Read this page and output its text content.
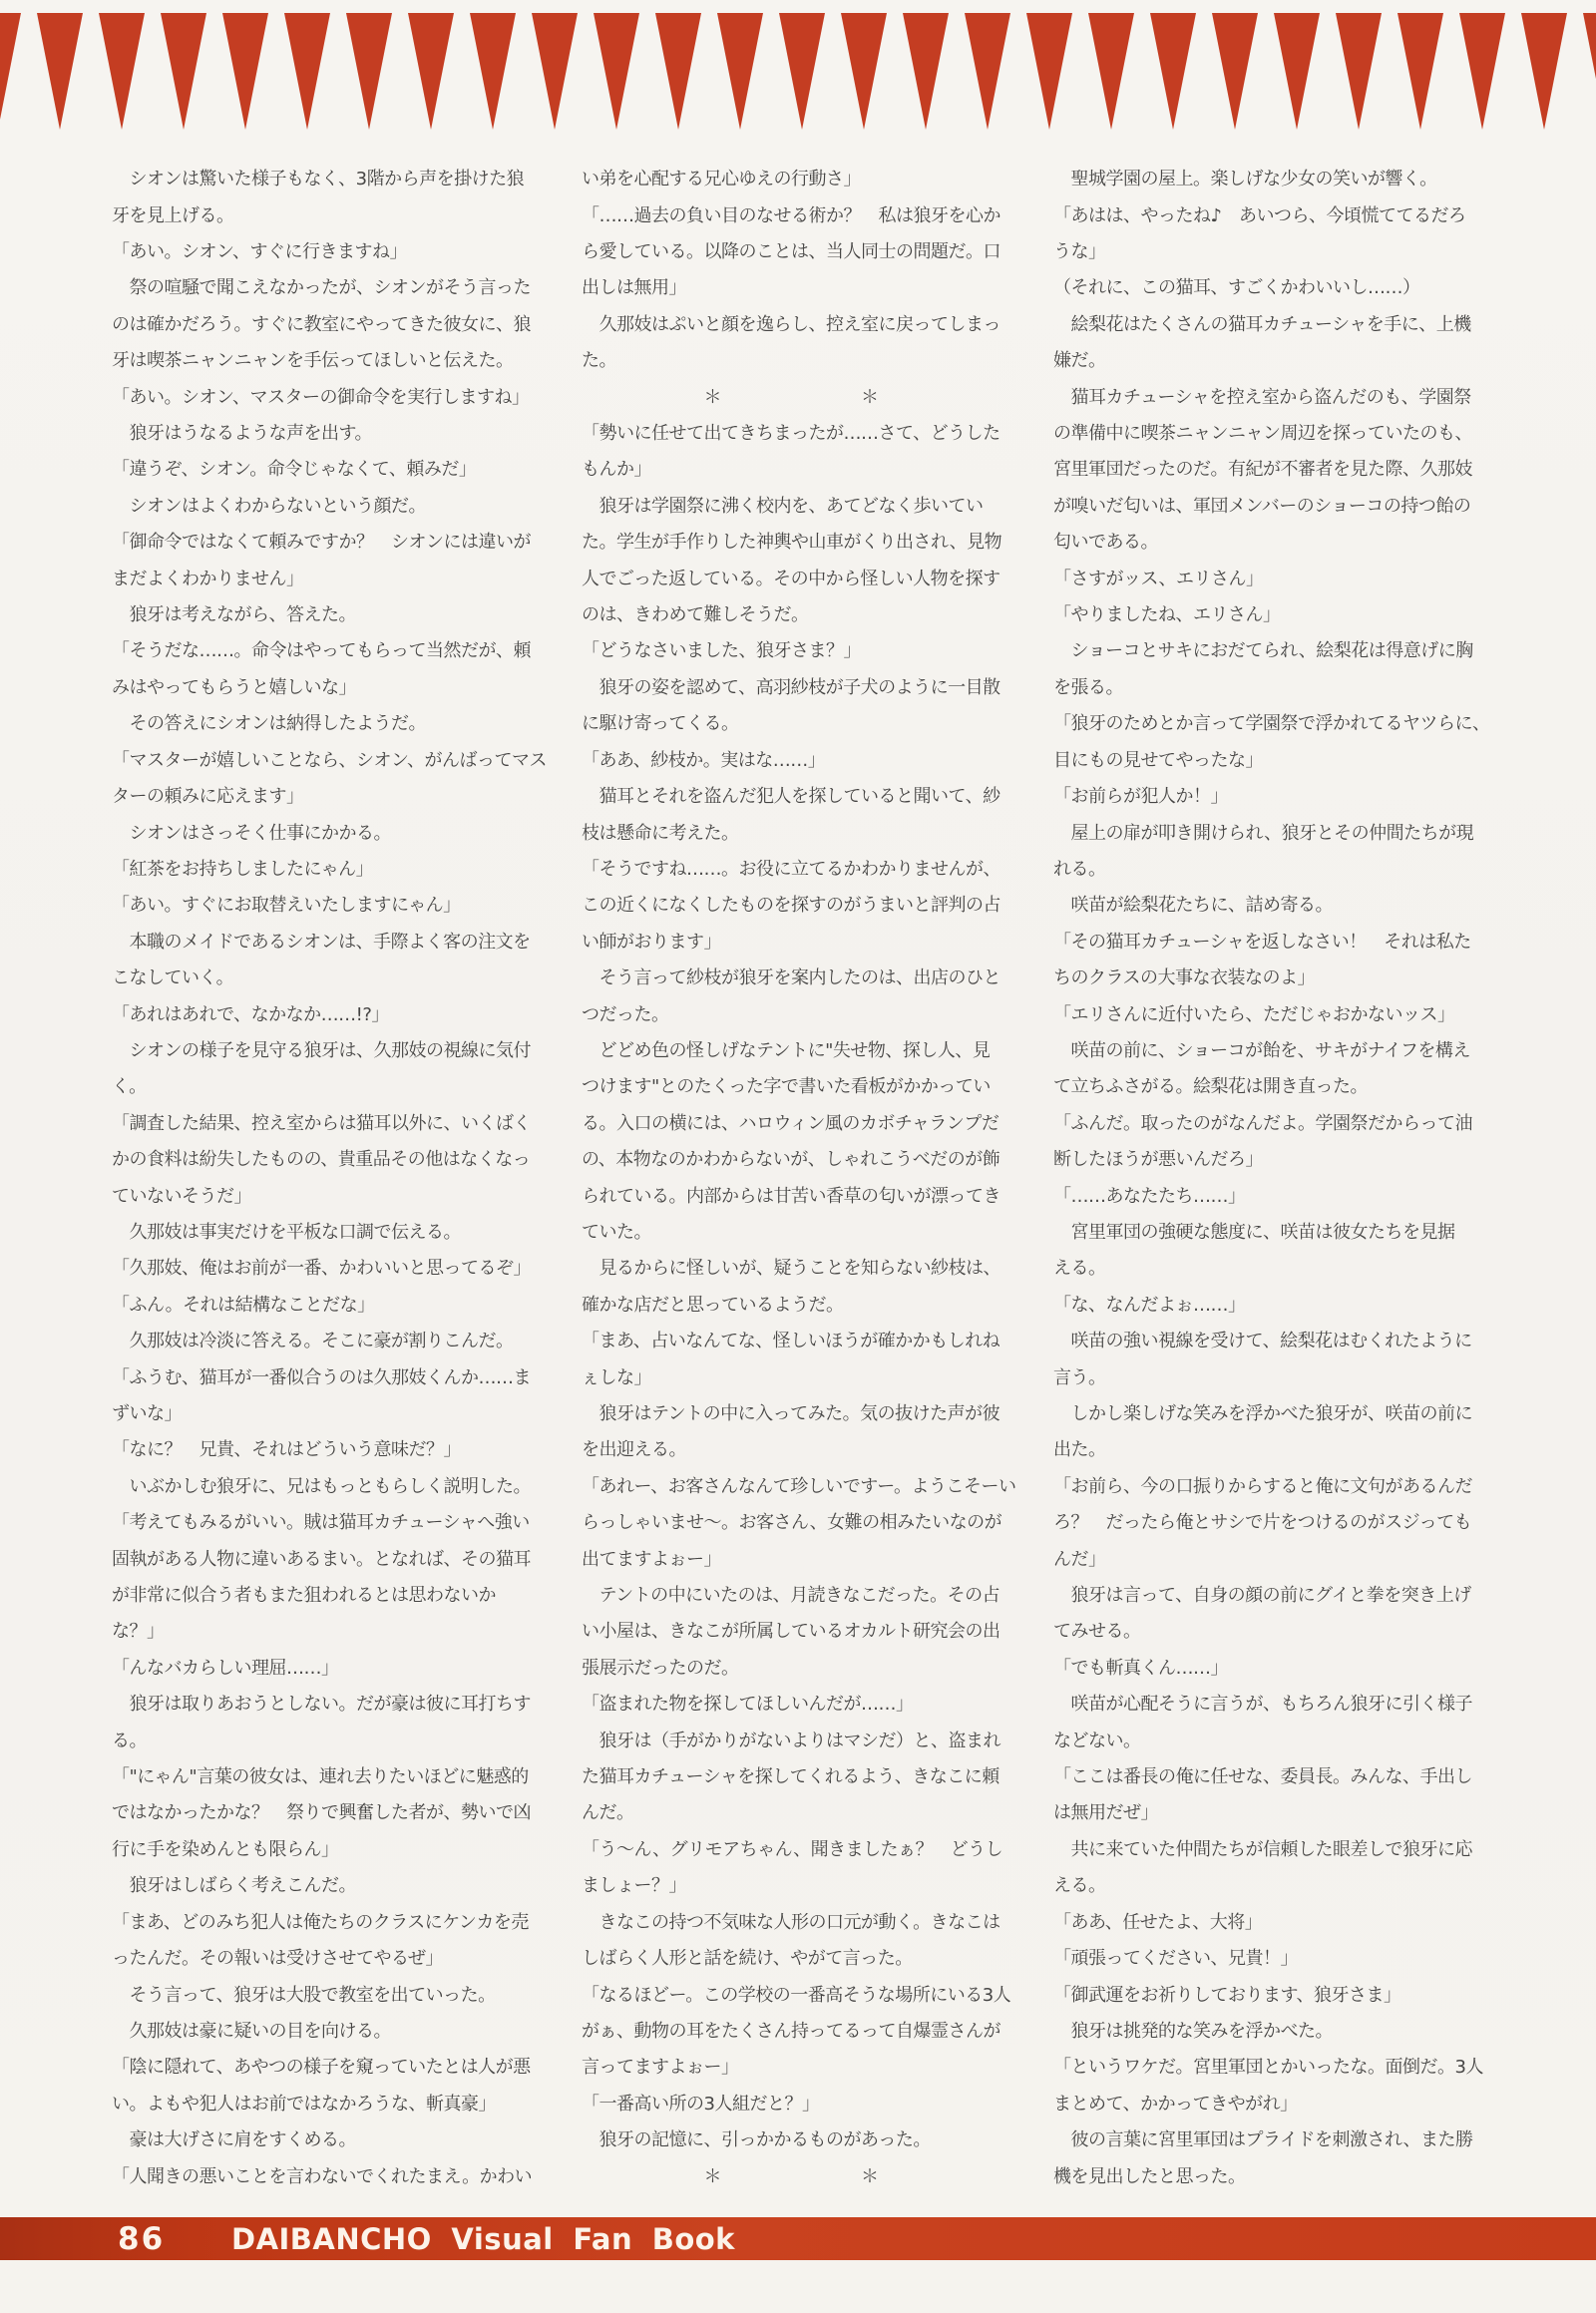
　シオンは驚いた様子もなく、3階から声を掛けた狼
牙を見上げる。
「あい。シオン、すぐに行きますね」
　祭の喧騒で聞こえなかったが、シオンがそう言った
のは確かだろう。すぐに教室にやってきた彼女に、狼
牙は喫茶ニャンニャンを手伝ってほしいと伝えた。
「あい。シオン、マスターの御命令を実行しますね」
　狼牙はうなるような声を出す。
「違うぞ、シオン。命令じゃなくて、頼みだ」
　シオンはよくわからないという顔だ。
「御命令ではなくて頼みですか？　シオンには違いが
まだよくわかりません」
　狼牙は考えながら、答えた。
「そうだな……。命令はやってもらって当然だが、頼
みはやってもらうと嬉しいな」
　その答えにシオンは納得したようだ。
「マスターが嬉しいことなら、シオン、がんばってマス
ターの頼みに応えます」
　シオンはさっそく仕事にかかる。
「紅茶をお持ちしましたにゃん」
「あい。すぐにお取替えいたしますにゃん」
　本職のメイドであるシオンは、手際よく客の注文を
こなしていく。
「あれはあれで、なかなか……!?」
　シオンの様子を見守る狼牙は、久那妓の視線に気付
く。
「調査した結果、控え室からは猫耳以外に、いくばく
かの食料は紛失したものの、貴重品その他はなくなっ
ていないそうだ」
　久那妓は事実だけを平板な口調で伝える。
「久那妓、俺はお前が一番、かわいいと思ってるぞ」
「ふん。それは結構なことだな」
　久那妓は冷淡に答える。そこに豪が割りこんだ。
「ふうむ、猫耳が一番似合うのは久那妓くんか……ま
ずいな」
「なに？　兄貴、それはどういう意味だ？」
　いぶかしむ狼牙に、兄はもっともらしく説明した。
「考えてもみるがいい。賊は猫耳カチューシャへ強い
固執がある人物に違いあるまい。となれば、その猫耳
が非常に似合う者もまた狙われるとは思わないか
な？」
「んなバカらしい理屈……」
　狼牙は取りあおうとしない。だが豪は彼に耳打ちす
る。
「"にゃん"言葉の彼女は、連れ去りたいほどに魅惑的
ではなかったかな？　祭りで興奮した者が、勢いで凶
行に手を染めんとも限らん」
　狼牙はしばらく考えこんだ。
「まあ、どのみち犯人は俺たちのクラスにケンカを売
ったんだ。その報いは受けさせてやるぜ」
　そう言って、狼牙は大股で教室を出ていった。
　久那妓は豪に疑いの目を向ける。
「陰に隠れて、あやつの様子を窺っていたとは人が悪
い。よもや犯人はお前ではなかろうな、斬真豪」
　豪は大げさに肩をすくめる。
「人聞きの悪いことを言わないでくれたまえ。かわい
い弟を心配する兄心ゆえの行動さ」
「……過去の負い目のなせる術か？　私は狼牙を心か
ら愛している。以降のことは、当人同士の問題だ。口
出しは無用」
　久那妓はぷいと顔を逸らし、控え室に戻ってしまっ
た。
　　　　　　　＊　　　　　　　　＊
「勢いに任せて出てきちまったが……さて、どうした
もんか」
　狼牙は学園祭に沸く校内を、あてどなく歩いてい
た。学生が手作りした神輿や山車がくり出され、見物
人でごった返している。その中から怪しい人物を探す
のは、きわめて難しそうだ。
「どうなさいました、狼牙さま？」
　狼牙の姿を認めて、高羽紗枝が子犬のように一目散
に駆け寄ってくる。
「ああ、紗枝か。実はな……」
　猫耳とそれを盗んだ犯人を探していると聞いて、紗
枝は懸命に考えた。
「そうですね……。お役に立てるかわかりませんが、
この近くになくしたものを探すのがうまいと評判の占
い師がおります」
　そう言って紗枝が狼牙を案内したのは、出店のひと
つだった。
　どどめ色の怪しげなテントに"失せ物、探し人、見
つけます"とのたくった字で書いた看板がかかってい
る。入口の横には、ハロウィン風のカボチャランプだ
の、本物なのかわからないが、しゃれこうべだのが飾
られている。内部からは甘苦い香草の匂いが漂ってき
ていた。
　見るからに怪しいが、疑うことを知らない紗枝は、
確かな店だと思っているようだ。
「まあ、占いなんてな、怪しいほうが確かかもしれね
ぇしな」
　狼牙はテントの中に入ってみた。気の抜けた声が彼
を出迎える。
「あれー、お客さんなんて珍しいですー。ようこそーい
らっしゃいませ〜。お客さん、女難の相みたいなのが
出てますよぉー」
　テントの中にいたのは、月読きなこだった。その占
い小屋は、きなこが所属しているオカルト研究会の出
張展示だったのだ。
「盗まれた物を探してほしいんだが……」
　狼牙は（手がかりがないよりはマシだ）と、盗まれ
た猫耳カチューシャを探してくれるよう、きなこに頼
んだ。
「う〜ん、グリモアちゃん、聞きましたぁ？　どうし
ましょー？」
　きなこの持つ不気味な人形の口元が動く。きなこは
しばらく人形と話を続け、やがて言った。
「なるほどー。この学校の一番高そうな場所にいる3人
がぁ、動物の耳をたくさん持ってるって自爆霊さんが
言ってますよぉー」
「一番高い所の3人組だと？」
　狼牙の記憶に、引っかかるものがあった。
　　　　　　　＊　　　　　　　　＊
　聖城学園の屋上。楽しげな少女の笑いが響く。
「あはは、やったね♪　あいつら、今頃慌ててるだろ
うな」
（それに、この猫耳、すごくかわいいし……）
　絵梨花はたくさんの猫耳カチューシャを手に、上機
嫌だ。
　猫耳カチューシャを控え室から盗んだのも、学園祭
の準備中に喫茶ニャンニャン周辺を探っていたのも、
宮里軍団だったのだ。有紀が不審者を見た際、久那妓
が嗅いだ匂いは、軍団メンバーのショーコの持つ飴の
匂いである。
「さすがッス、エリさん」
「やりましたね、エリさん」
　ショーコとサキにおだてられ、絵梨花は得意げに胸
を張る。
「狼牙のためとか言って学園祭で浮かれてるヤツらに、
目にもの見せてやったな」
「お前らが犯人か！」
　屋上の扉が叩き開けられ、狼牙とその仲間たちが現
れる。
　咲苗が絵梨花たちに、詰め寄る。
「その猫耳カチューシャを返しなさい！　それは私た
ちのクラスの大事な衣装なのよ」
「エリさんに近付いたら、ただじゃおかないッス」
　咲苗の前に、ショーコが飴を、サキがナイフを構え
て立ちふさがる。絵梨花は開き直った。
「ふんだ。取ったのがなんだよ。学園祭だからって油
断したほうが悪いんだろ」
「……あなたたち……」
　宮里軍団の強硬な態度に、咲苗は彼女たちを見据
える。
「な、なんだよぉ……」
　咲苗の強い視線を受けて、絵梨花はむくれたように
言う。
　しかし楽しげな笑みを浮かべた狼牙が、咲苗の前に
出た。
「お前ら、今の口振りからすると俺に文句があるんだ
ろ？　だったら俺とサシで片をつけるのがスジっても
んだ」
　狼牙は言って、自身の顔の前にグイと拳を突き上げ
てみせる。
「でも斬真くん……」
　咲苗が心配そうに言うが、もちろん狼牙に引く様子
などない。
「ここは番長の俺に任せな、委員長。みんな、手出し
は無用だぜ」
　共に来ていた仲間たちが信頼した眼差しで狼牙に応
える。
「ああ、任せたよ、大将」
「頑張ってください、兄貴！」
「御武運をお祈りしております、狼牙さま」
　狼牙は挑発的な笑みを浮かべた。
「というワケだ。宮里軍団とかいったな。面倒だ。3人
まとめて、かかってきやがれ」
　彼の言葉に宮里軍団はプライドを刺激され、また勝
機を見出したと思った。
86 DAIBANCHO Visual Fan Book
